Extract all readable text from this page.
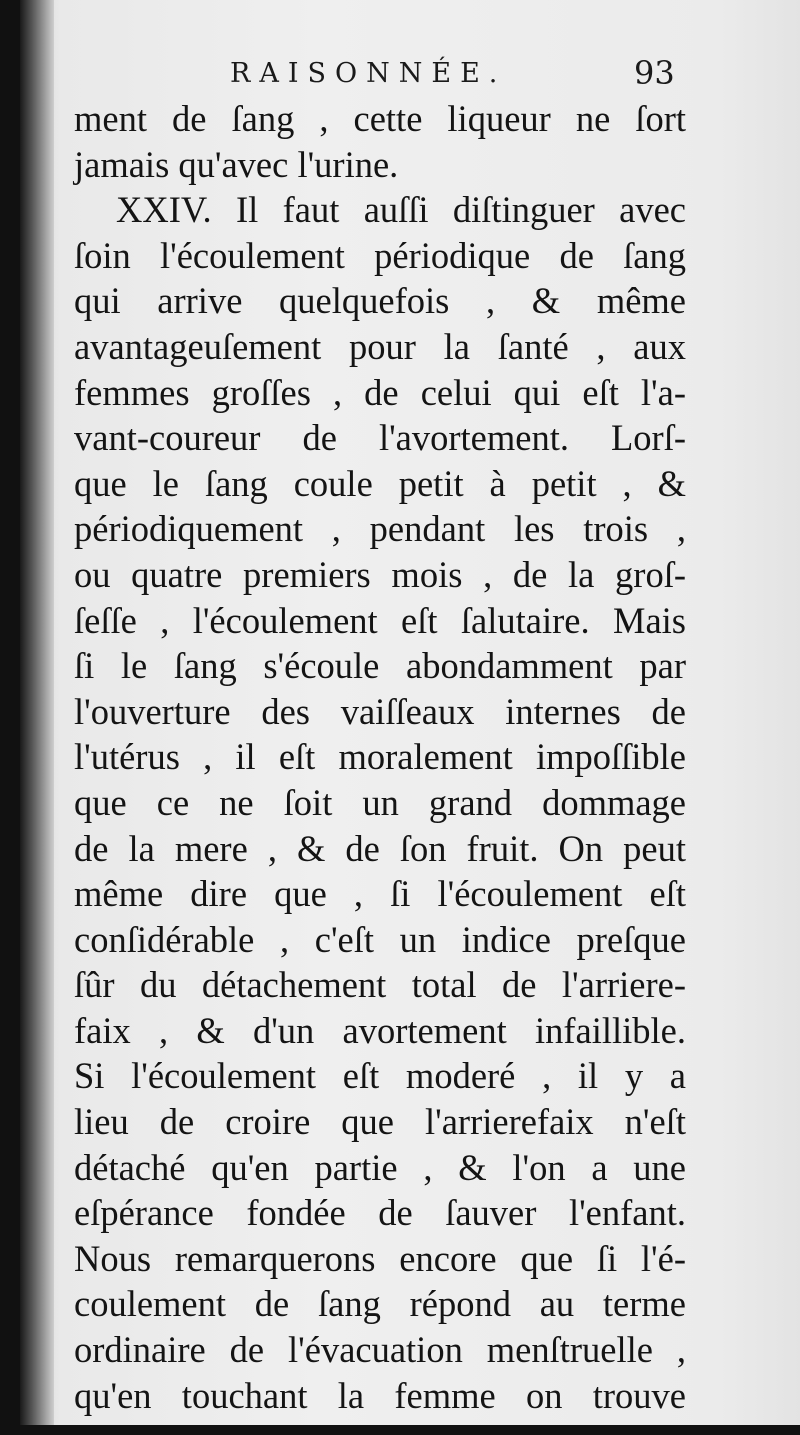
RAISONNÉE.	93
ment de ſang , cette liqueur ne ſort
jamais qu'avec l'urine.
XXIV. Il faut auſſi diſtinguer avec
ſoin l'écoulement périodique de ſang
qui arrive quelquefois , & même
avantageuſement pour la ſanté , aux
femmes groſſes , de celui qui eſt l'a-
vant-coureur de l'avortement. Lorſ-
que le ſang coule petit à petit , &
périodiquement , pendant les trois ,
ou quatre premiers mois , de la groſ-
ſeſſe , l'écoulement eſt ſalutaire. Mais
ſi le ſang s'écoule abondamment par
l'ouverture des vaiſſeaux internes de
l'utérus , il eſt moralement impoſſible
que ce ne ſoit un grand dommage
de la mere , & de ſon fruit. On peut
même dire que , ſi l'écoulement eſt
conſidérable , c'eſt un indice preſque
ſûr du détachement total de l'arriere-
faix , & d'un avortement infaillible.
Si l'écoulement eſt moderé , il y a
lieu de croire que l'arrierefaix n'eſt
détaché qu'en partie , & l'on a une
eſpérance fondée de ſauver l'enfant.
Nous remarquerons encore que ſi l'é-
coulement de ſang répond au terme
ordinaire de l'évacuation menſtruelle ,
qu'en touchant la femme on trouve
